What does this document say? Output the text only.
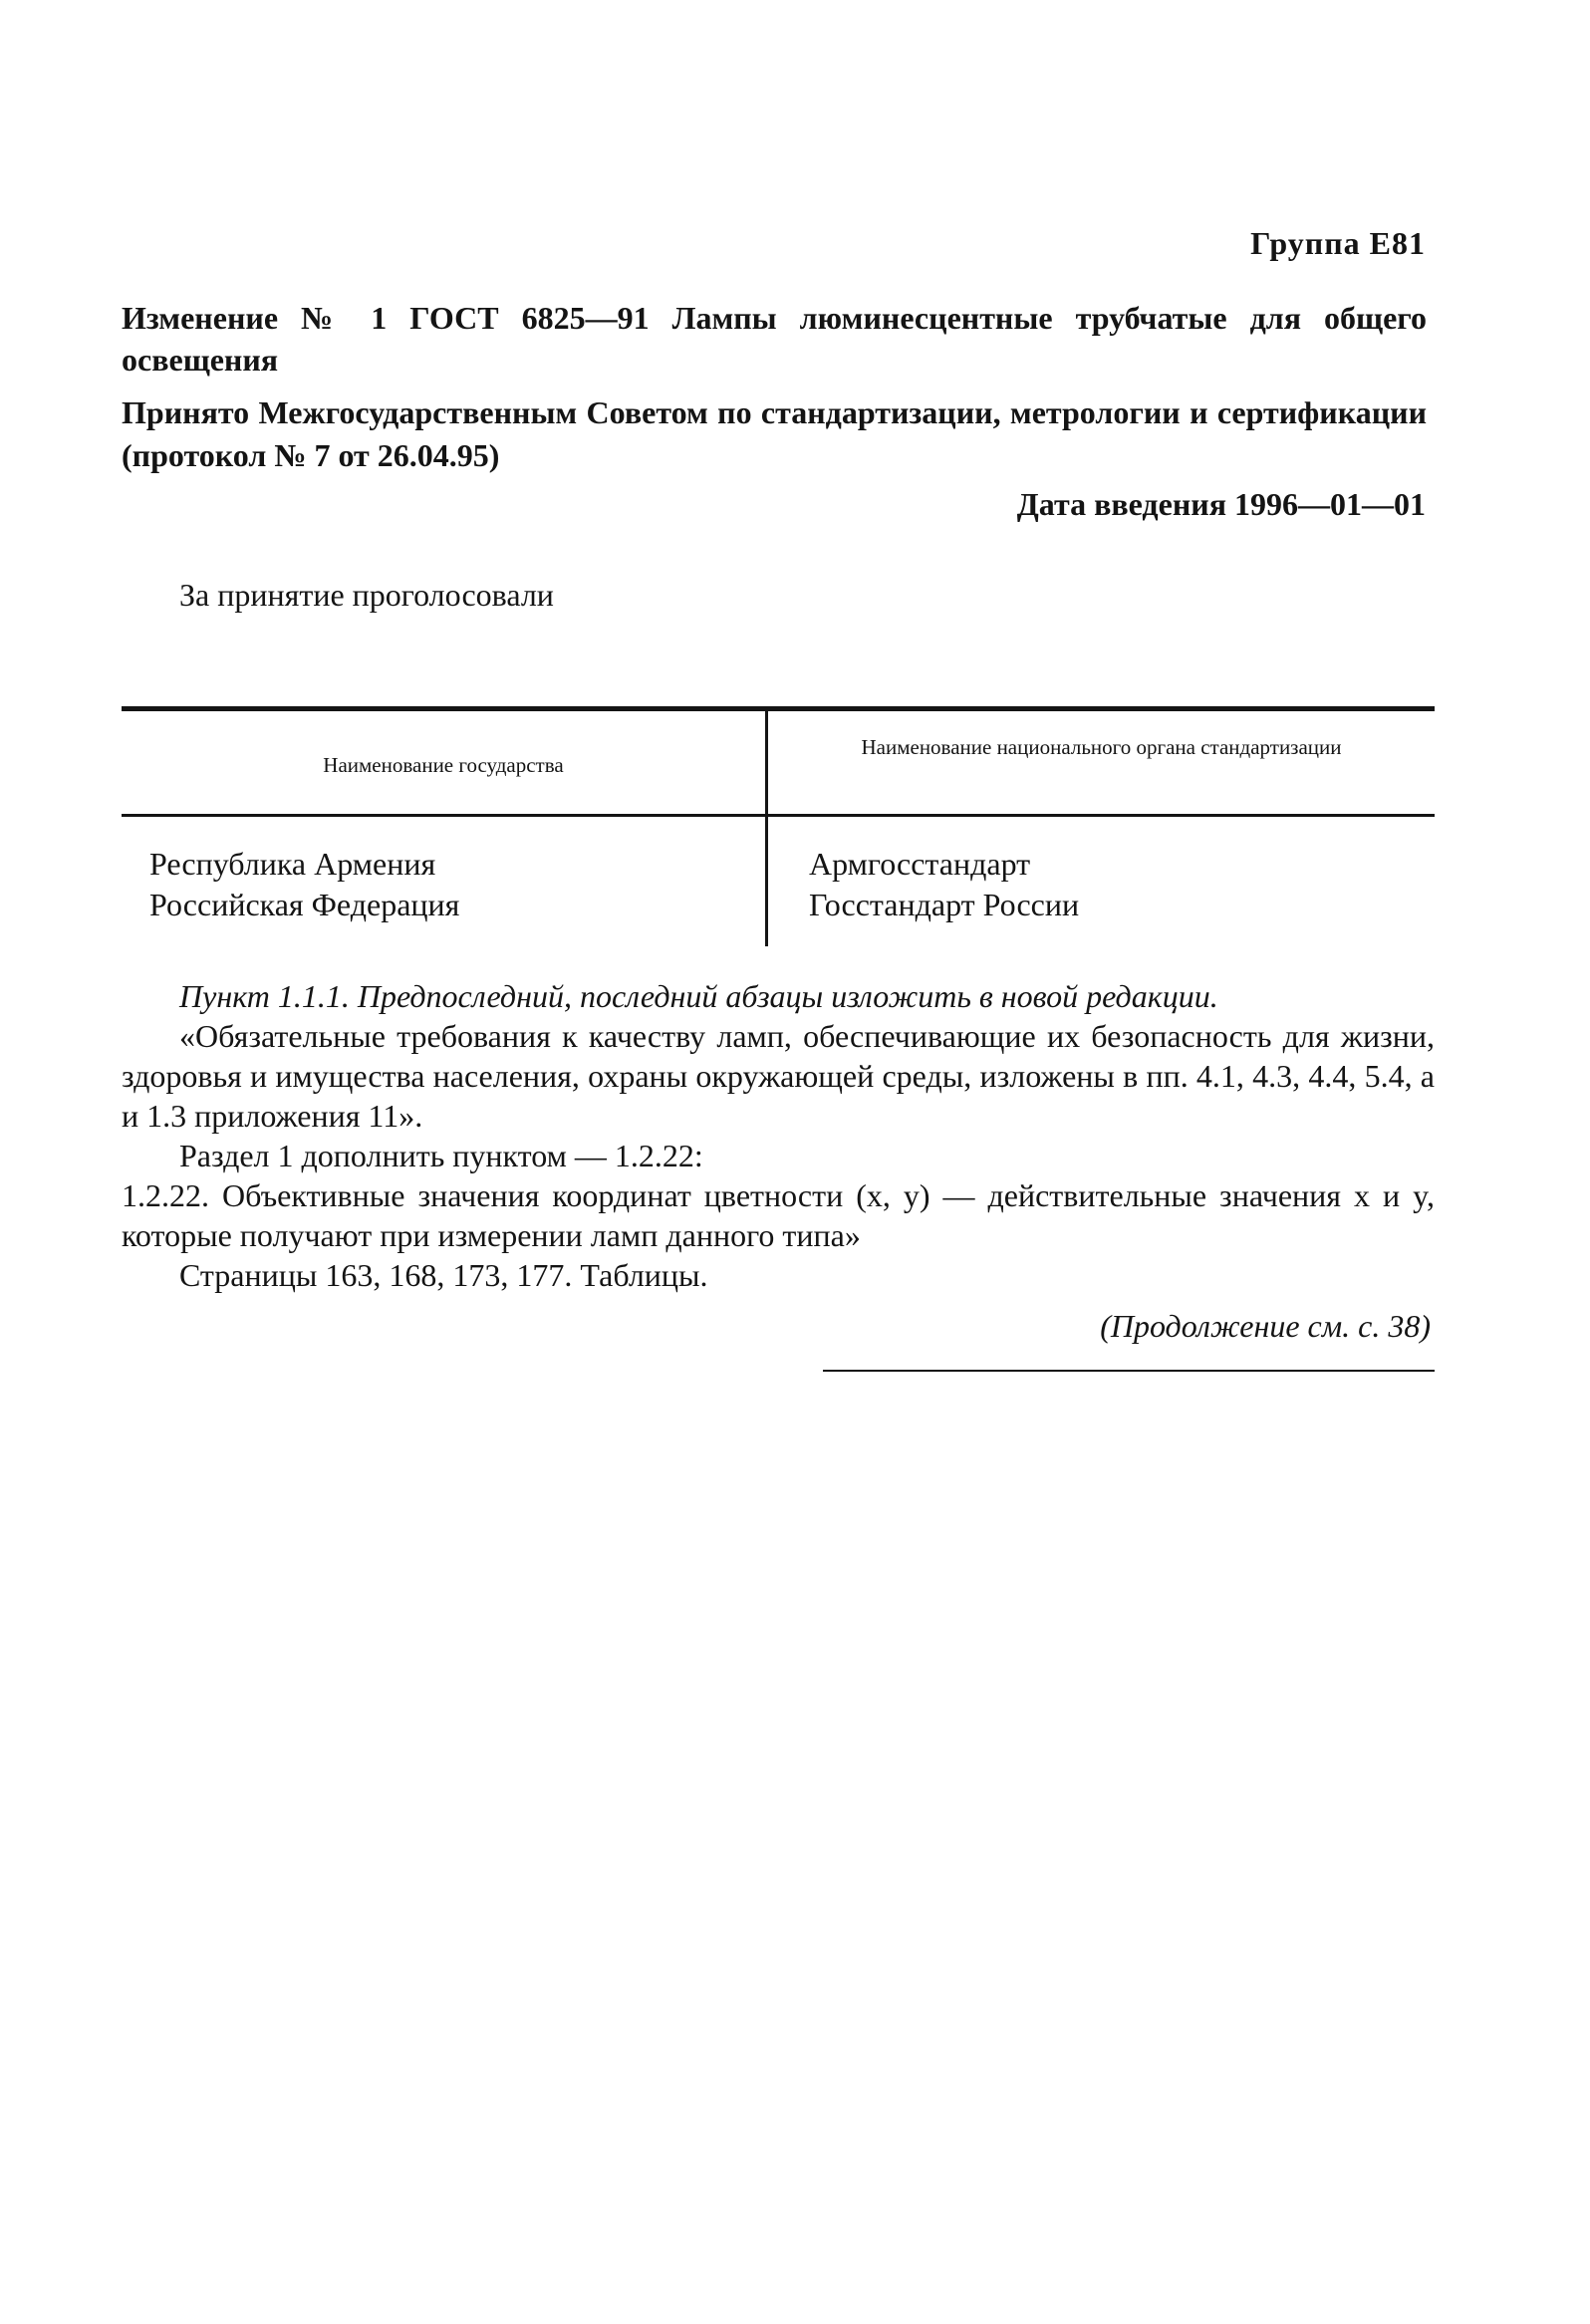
Группа Е81
Изменение № 1 ГОСТ 6825—91 Лампы люминесцентные трубчатые для общего освещения
Принято Межгосударственным Советом по стандартизации, метрологии и сертификации (протокол № 7 от 26.04.95)
Дата введения 1996—01—01
За принятие проголосовали
Наименование государства
Наименование национального органа стандартизации
Республика Армения
Российская Федерация
Армгосстандарт
Госстандарт России

Пункт 1.1.1. Предпоследний, последний абзацы изложить в новой редакции.

«Обязательные требования к качеству ламп, обеспечивающие их безопасность для жизни, здоровья и имущества населения, охраны окружающей среды, изложены в пп. 4.1, 4.3, 4.4, 5.4, а и 1.3 приложения 11».

Раздел 1 дополнить пунктом — 1.2.22:

1.2.22. Объективные значения координат цветности (x, y) — действительные значения x и y, которые получают при измерении ламп данного типа»

Страницы 163, 168, 173, 177. Таблицы.

(Продолжение см. с. 38)
